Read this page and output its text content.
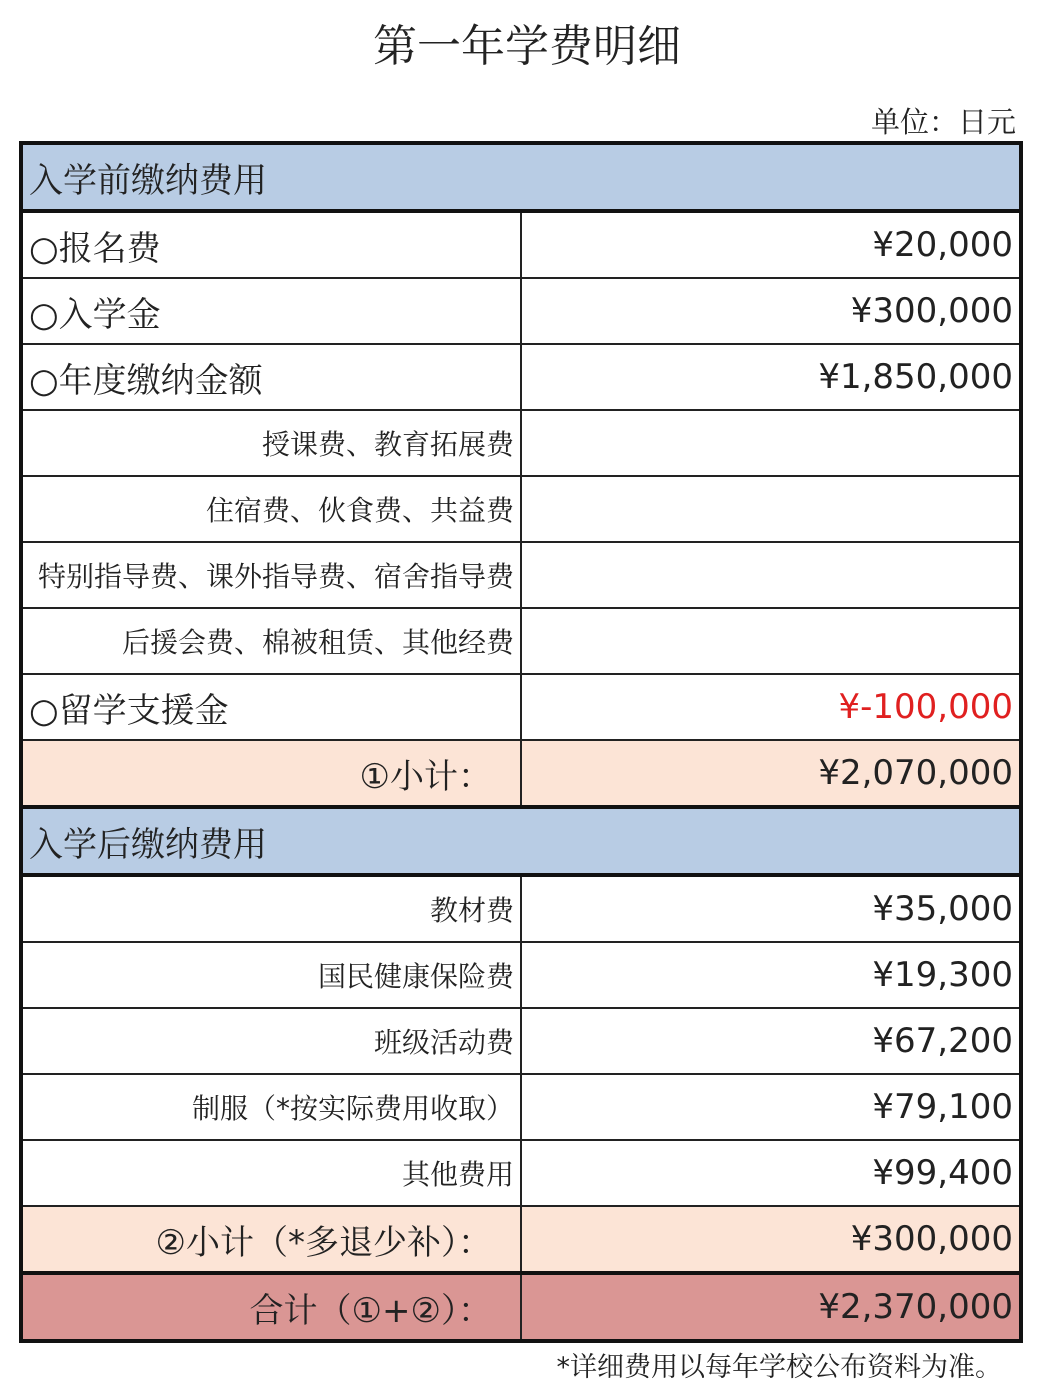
第一年学费明细
单位：日元
入学前缴纳费用	
○报名费	¥20,000
○入学金	¥300,000
○年度缴纳金额	¥1,850,000
授课费、教育拓展费	
住宿费、伙食费、共益费	
特别指导费、课外指导费、宿舍指导费	
后援会费、棉被租赁、其他经费	
○留学支援金	¥-100,000
①小计：	¥2,070,000
入学后缴纳费用	
教材费	¥35,000
国民健康保险费	¥19,300
班级活动费	¥67,200
制服（*按实际费用收取）	¥79,100
其他费用	¥99,400
②小计（*多退少补）：	¥300,000
合计（①+②）：	¥2,370,000
*详细费用以每年学校公布资料为准。
